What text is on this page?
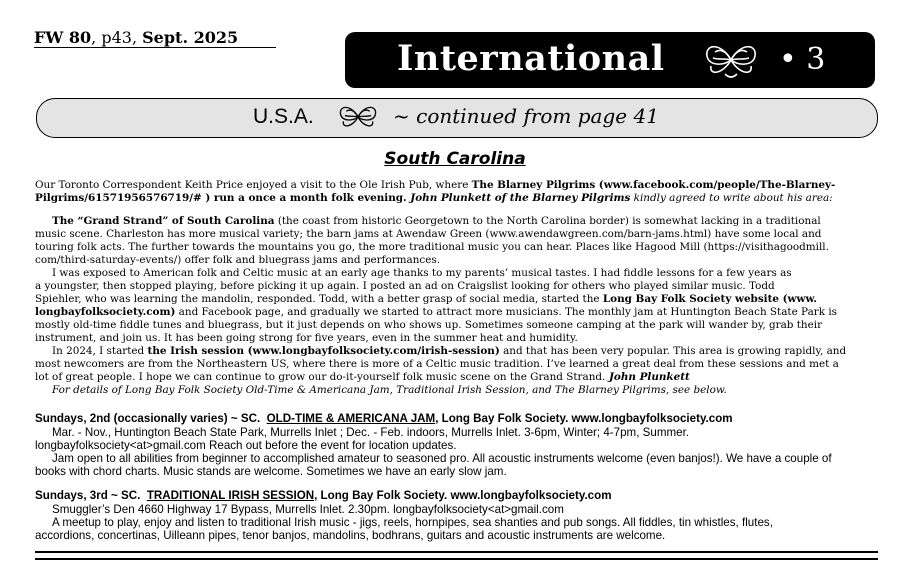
FW 80, p43, Sept. 2025
International	• 3
U.S.A.	~ continued from page 41
South Carolina
Our Toronto Correspondent Keith Price enjoyed a visit to the Ole Irish Pub, where The Blarney Pilgrims (www.facebook.com/people/The-Blarney-
Pilgrims/61571956576719/# ) run a once a month folk evening. John Plunkett of the Blarney Pilgrims kindly agreed to write about his area:
The “Grand Strand” of South Carolina (the coast from historic Georgetown to the North Carolina border) is somewhat lacking in a traditional
music scene. Charleston has more musical variety; the barn jams at Awendaw Green (www.awendawgreen.com/barn-jams.html) have some local and
touring folk acts. The further towards the mountains you go, the more traditional music you can hear. Places like Hagood Mill (https://visithagoodmill.
com/third-saturday-events/) offer folk and bluegrass jams and performances.
I was exposed to American folk and Celtic music at an early age thanks to my parents’ musical tastes. I had fiddle lessons for a few years as
a youngster, then stopped playing, before picking it up again. I posted an ad on Craigslist looking for others who played similar music. Todd
Spiehler, who was learning the mandolin, responded. Todd, with a better grasp of social media, started the Long Bay Folk Society website (www.
longbayfolksociety.com) and Facebook page, and gradually we started to attract more musicians. The monthly jam at Huntington Beach State Park is
mostly old-time fiddle tunes and bluegrass, but it just depends on who shows up. Sometimes someone camping at the park will wander by, grab their
instrument, and join us. It has been going strong for five years, even in the summer heat and humidity.
In 2024, I started the Irish session (www.longbayfolksociety.com/irish-session) and that has been very popular. This area is growing rapidly, and
most newcomers are from the Northeastern US, where there is more of a Celtic music tradition. I’ve learned a great deal from these sessions and met a
lot of great people. I hope we can continue to grow our do-it-yourself folk music scene on the Grand Strand. John Plunkett
For details of Long Bay Folk Society Old-Time & Americana Jam, Traditional Irish Session, and The Blarney Pilgrims, see below.
Sundays, 2nd (occasionally varies) ~ SC. OLD-TIME & AMERICANA JAM, Long Bay Folk Society. www.longbayfolksociety.com
Mar. - Nov., Huntington Beach State Park, Murrells Inlet ; Dec. - Feb. indoors, Murrells Inlet. 3-6pm, Winter; 4-7pm, Summer.
longbayfolksociety<at>gmail.com Reach out before the event for location updates.
Jam open to all abilities from beginner to accomplished amateur to seasoned pro. All acoustic instruments welcome (even banjos!). We have a couple of
books with chord charts. Music stands are welcome. Sometimes we have an early slow jam.
Sundays, 3rd ~ SC. TRADITIONAL IRISH SESSION, Long Bay Folk Society. www.longbayfolksociety.com
Smuggler’s Den 4660 Highway 17 Bypass, Murrells Inlet. 2.30pm. longbayfolksociety<at>gmail.com
A meetup to play, enjoy and listen to traditional Irish music - jigs, reels, hornpipes, sea shanties and pub songs. All fiddles, tin whistles, flutes,
accordions, concertinas, Uilleann pipes, tenor banjos, mandolins, bodhrans, guitars and acoustic instruments are welcome.
